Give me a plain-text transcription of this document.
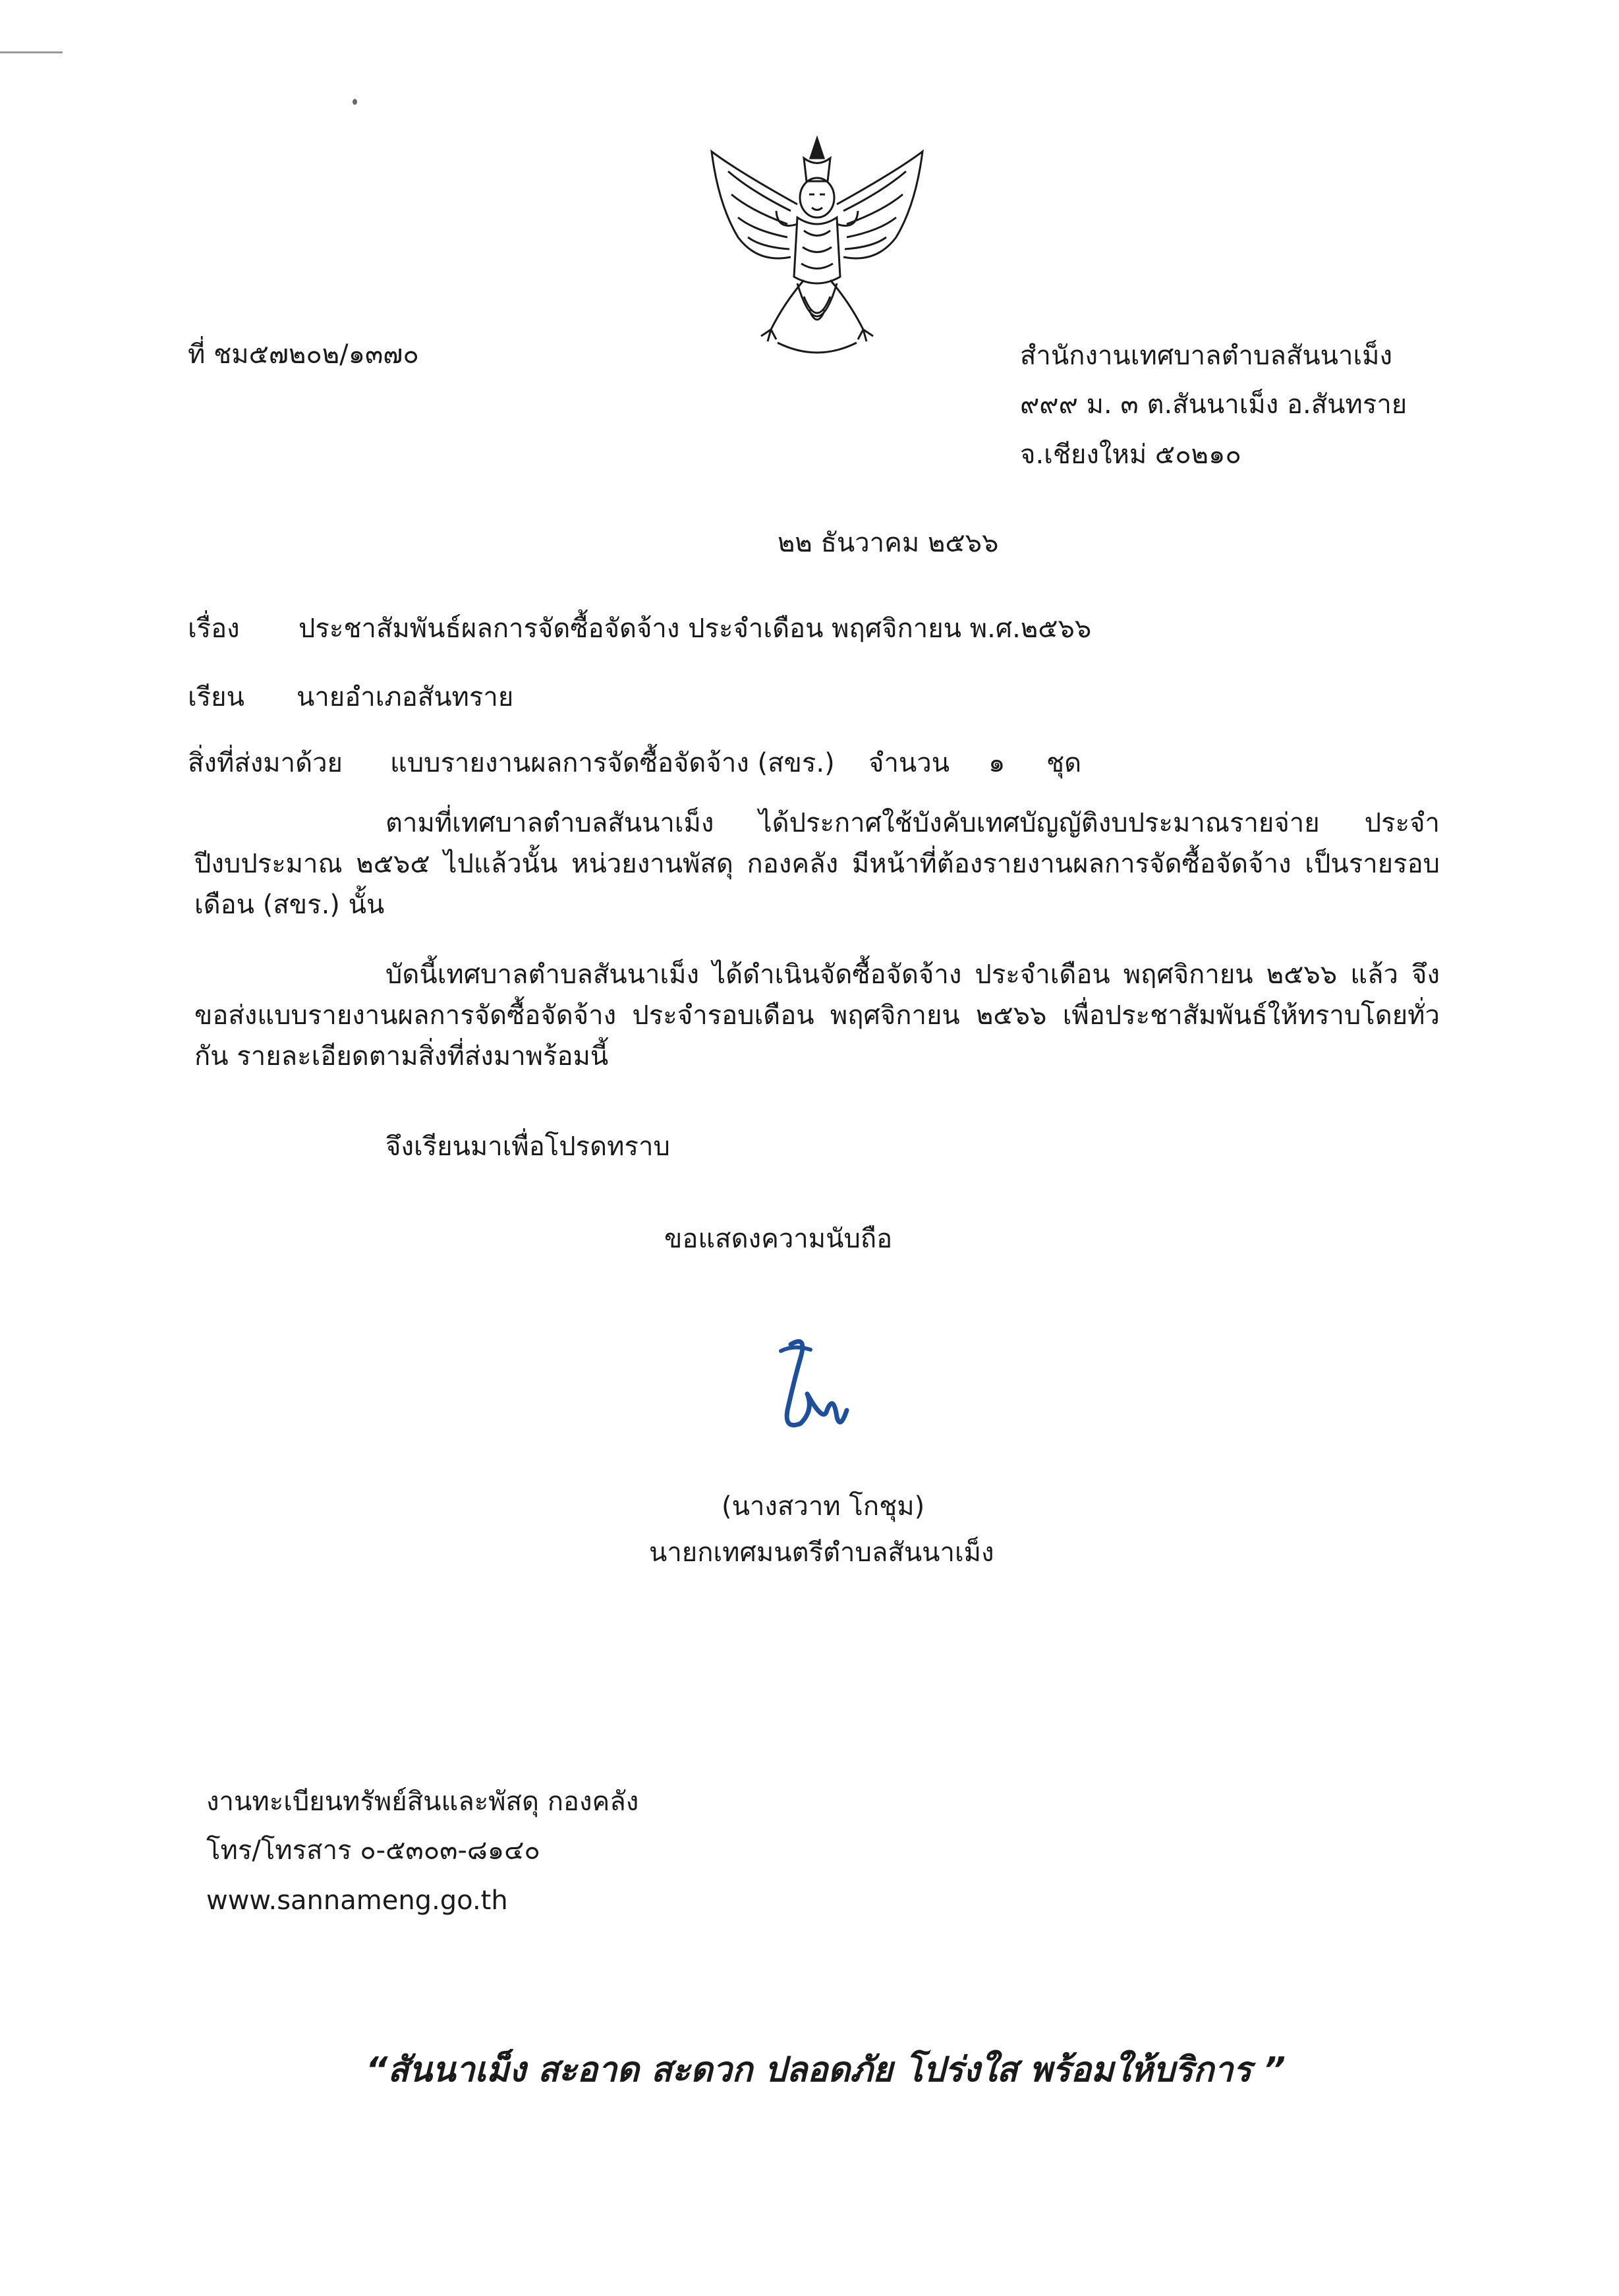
ที่ ชม๕๗๒๐๒/๑๓๗๐	สำนักงานเทศบาลตำบลสันนาเม็ง
๙๙๙ ม. ๓ ต.สันนาเม็ง อ.สันทราย
จ.เชียงใหม่ ๕๐๒๑๐
๒๒ ธันวาคม ๒๕๖๖
เรื่อง ประชาสัมพันธ์ผลการจัดซื้อจัดจ้าง ประจำเดือน พฤศจิกายน พ.ศ.๒๕๖๖
เรียน นายอำเภอสันทราย
สิ่งที่ส่งมาด้วย แบบรายงานผลการจัดซื้อจัดจ้าง (สขร.) จำนวน ๑ ชุด
ตามที่เทศบาลตำบลสันนาเม็ง ได้ประกาศใช้บังคับเทศบัญญัติงบประมาณรายจ่าย ประจำปีงบประมาณ ๒๕๖๕ ไปแล้วนั้น หน่วยงานพัสดุ กองคลัง มีหน้าที่ต้องรายงานผลการจัดซื้อจัดจ้าง เป็นรายรอบเดือน (สขร.) นั้น
บัดนี้เทศบาลตำบลสันนาเม็ง ได้ดำเนินจัดซื้อจัดจ้าง ประจำเดือน พฤศจิกายน ๒๕๖๖ แล้ว จึงขอส่งแบบรายงานผลการจัดซื้อจัดจ้าง ประจำรอบเดือน พฤศจิกายน ๒๕๖๖ เพื่อประชาสัมพันธ์ให้ทราบโดยทั่วกัน รายละเอียดตามสิ่งที่ส่งมาพร้อมนี้
จึงเรียนมาเพื่อโปรดทราบ
ขอแสดงความนับถือ
(นางสวาท โกชุม)
นายกเทศมนตรีตำบลสันนาเม็ง
งานทะเบียนทรัพย์สินและพัสดุ กองคลัง
โทร/โทรสาร ๐-๕๓๐๓-๘๑๔๐
www.sannameng.go.th
“สันนาเม็ง สะอาด สะดวก ปลอดภัย โปร่งใส พร้อมให้บริการ ”
